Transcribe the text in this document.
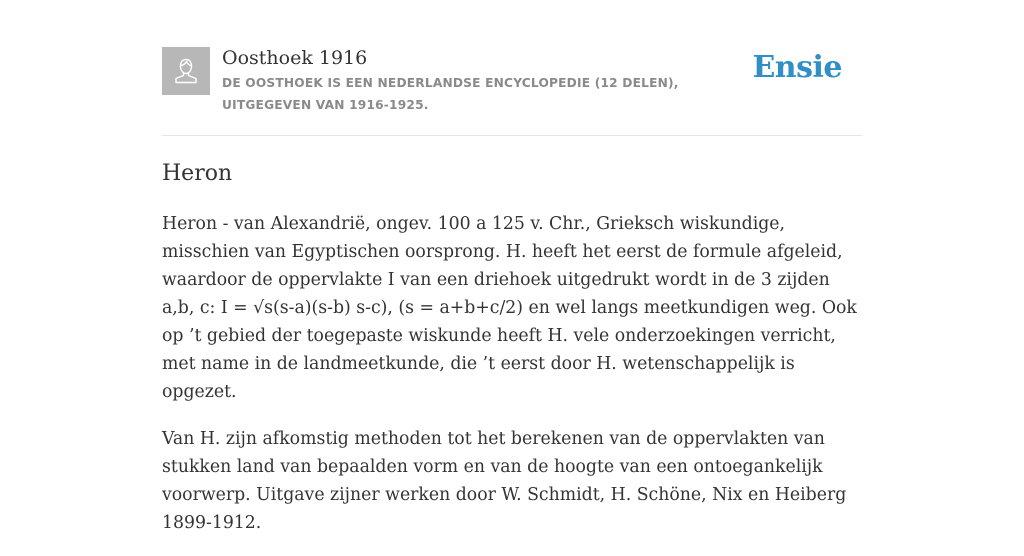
Oosthoek 1916

DE OOSTHOEK IS EEN NEDERLANDSE ENCYCLOPEDIE (12 DELEN), UITGEGEVEN VAN 1916-1925.
Ensie
Heron

Heron - van Alexandrië, ongev. 100 a 125 v. Chr., Grieksch wiskundige, misschien van Egyptischen oorsprong. H. heeft het eerst de formule afgeleid, waardoor de oppervlakte I van een driehoek uitgedrukt wordt in de 3 zijden a,b, c: I = √s(s-a)(s-b) s-c), (s = a+b+c/2) en wel langs meetkundigen weg. Ook op ’t gebied der toegepaste wiskunde heeft H. vele onderzoekingen verricht, met name in de landmeetkunde, die ’t eerst door H. wetenschappelijk is opgezet.

Van H. zijn afkomstig methoden tot het berekenen van de oppervlakten van stukken land van bepaalden vorm en van de hoogte van een ontoegankelijk voorwerp. Uitgave zijner werken door W. Schmidt, H. Schöne, Nix en Heiberg 1899-1912.
